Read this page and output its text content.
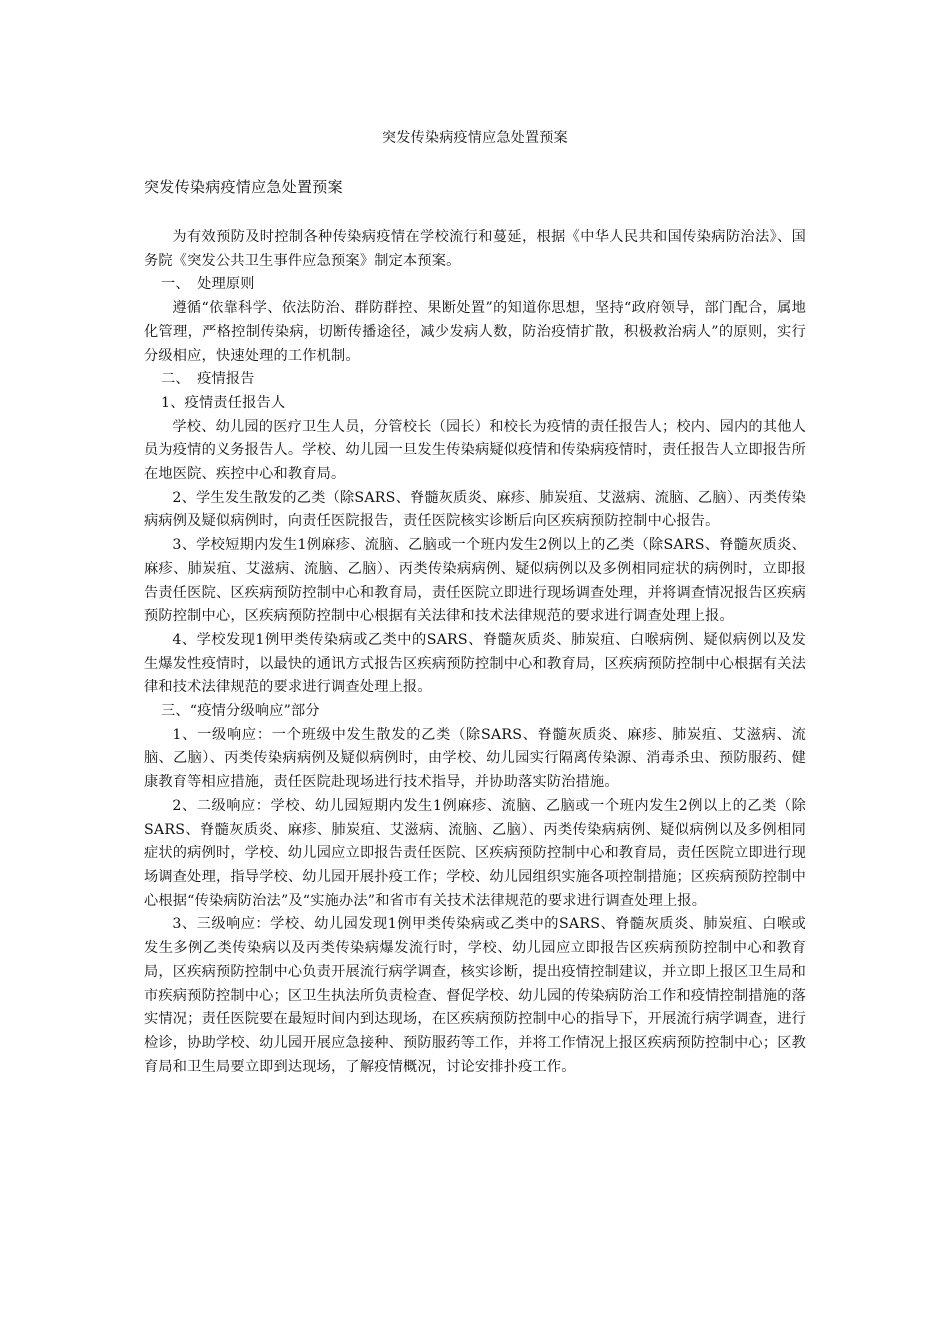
突发传染病疫情应急处置预案
突发传染病疫情应急处置预案

为有效预防及时控制各种传染病疫情在学校流行和蔓延，根据《中华人民共和国传染病防治法》、国务院《突发公共卫生事件应急预案》制定本预案。

一、　处理原则

遵循“依靠科学、依法防治、群防群控、果断处置”的知道你思想，坚持“政府领导，部门配合，属地化管理，严格控制传染病，切断传播途径，减少发病人数，防治疫情扩散，积极救治病人”的原则，实行分级相应，快速处理的工作机制。

二、　疫情报告

1、疫情责任报告人

学校、幼儿园的医疗卫生人员，分管校长（园长）和校长为疫情的责任报告人；校内、园内的其他人员为疫情的义务报告人。学校、幼儿园一旦发生传染病疑似疫情和传染病疫情时，责任报告人立即报告所在地医院、疾控中心和教育局。

2、学生发生散发的乙类（除SARS、脊髓灰质炎、麻疹、肺炭疽、艾滋病、流脑、乙脑）、丙类传染病病例及疑似病例时，向责任医院报告，责任医院核实诊断后向区疾病预防控制中心报告。

3、学校短期内发生1例麻疹、流脑、乙脑或一个班内发生2例以上的乙类（除SARS、脊髓灰质炎、麻疹、肺炭疽、艾滋病、流脑、乙脑）、丙类传染病病例、疑似病例以及多例相同症状的病例时，立即报告责任医院、区疾病预防控制中心和教育局，责任医院立即进行现场调查处理，并将调查情况报告区疾病预防控制中心，区疾病预防控制中心根据有关法律和技术法律规范的要求进行调查处理上报。

4、学校发现1例甲类传染病或乙类中的SARS、脊髓灰质炎、肺炭疽、白喉病例、疑似病例以及发生爆发性疫情时，以最快的通讯方式报告区疾病预防控制中心和教育局，区疾病预防控制中心根据有关法律和技术法律规范的要求进行调查处理上报。

三、“疫情分级响应”部分

1、一级响应：一个班级中发生散发的乙类（除SARS、脊髓灰质炎、麻疹、肺炭疽、艾滋病、流脑、乙脑）、丙类传染病病例及疑似病例时，由学校、幼儿园实行隔离传染源、消毒杀虫、预防服药、健康教育等相应措施，责任医院赴现场进行技术指导，并协助落实防治措施。

2、二级响应：学校、幼儿园短期内发生1例麻疹、流脑、乙脑或一个班内发生2例以上的乙类（除SARS、脊髓灰质炎、麻疹、肺炭疽、艾滋病、流脑、乙脑）、丙类传染病病例、疑似病例以及多例相同症状的病例时，学校、幼儿园应立即报告责任医院、区疾病预防控制中心和教育局，责任医院立即进行现场调查处理，指导学校、幼儿园开展扑疫工作；学校、幼儿园组织实施各项控制措施；区疾病预防控制中心根据“传染病防治法”及“实施办法”和省市有关技术法律规范的要求进行调查处理上报。

3、三级响应：学校、幼儿园发现1例甲类传染病或乙类中的SARS、脊髓灰质炎、肺炭疽、白喉或发生多例乙类传染病以及丙类传染病爆发流行时，学校、幼儿园应立即报告区疾病预防控制中心和教育局，区疾病预防控制中心负责开展流行病学调查，核实诊断，提出疫情控制建议，并立即上报区卫生局和市疾病预防控制中心；区卫生执法所负责检查、督促学校、幼儿园的传染病防治工作和疫情控制措施的落实情况；责任医院要在最短时间内到达现场，在区疾病预防控制中心的指导下，开展流行病学调查，进行检诊，协助学校、幼儿园开展应急接种、预防服药等工作，并将工作情况上报区疾病预防控制中心；区教育局和卫生局要立即到达现场，了解疫情概况，讨论安排扑疫工作。
